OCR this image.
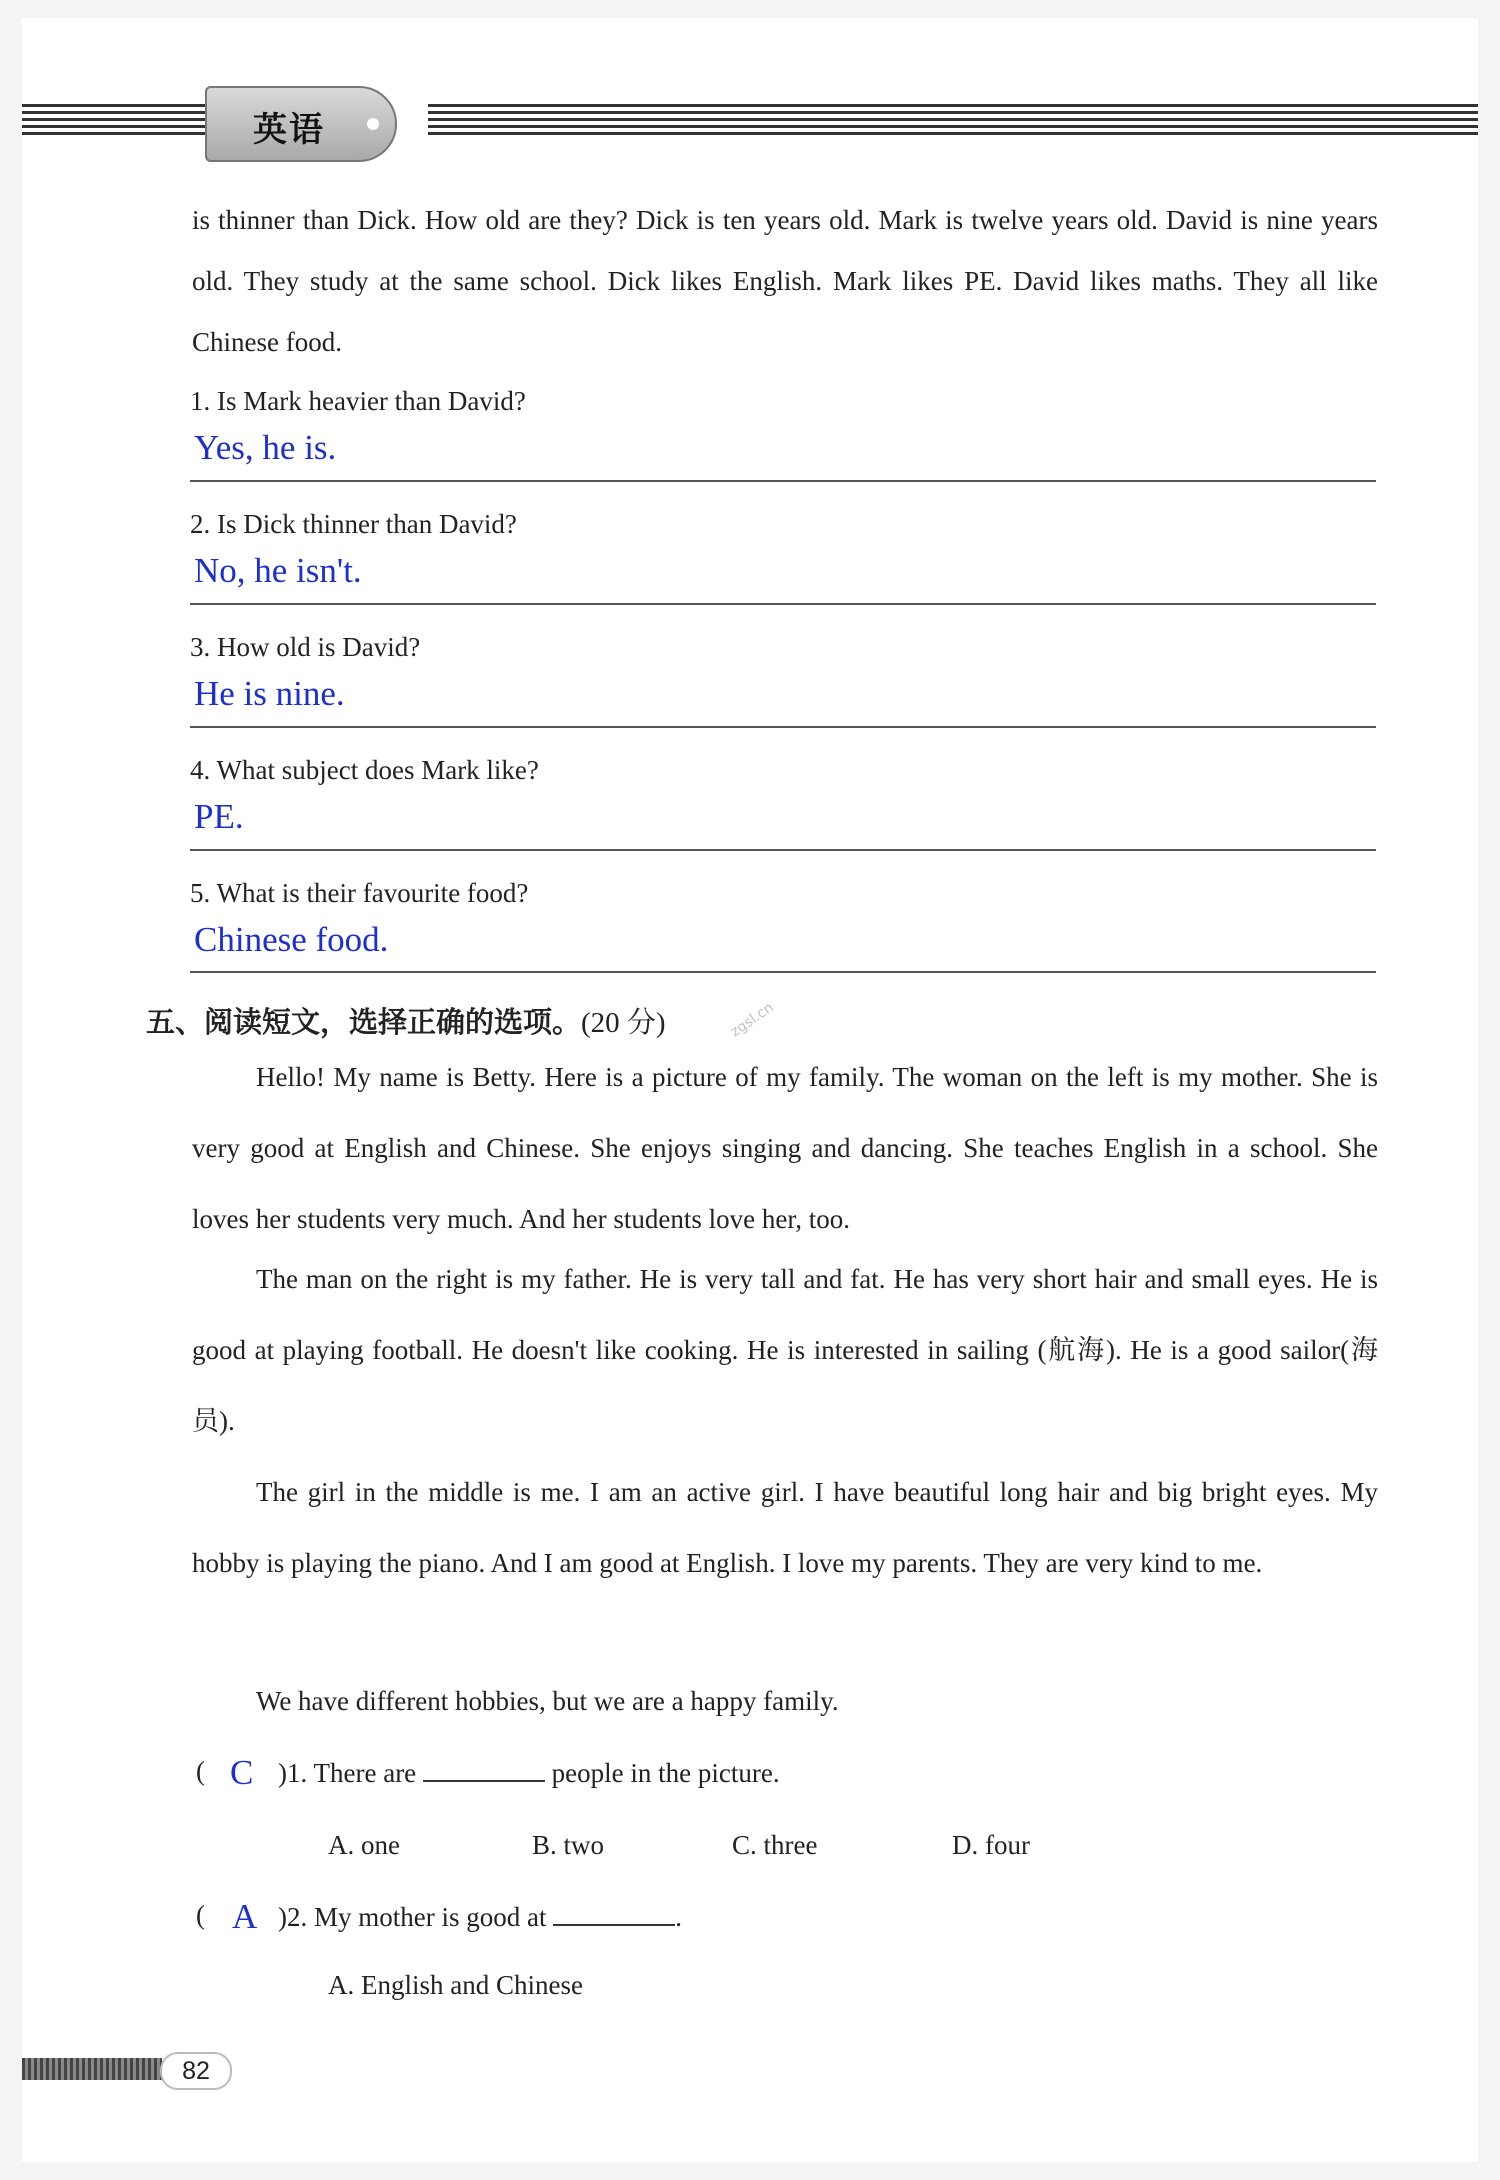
英语
is thinner than Dick. How old are they? Dick is ten years old. Mark is twelve years old. David is nine years old. They study at the same school. Dick likes English. Mark likes PE. David likes maths. They all like Chinese food.
1. Is Mark heavier than David?
Yes, he is.
2. Is Dick thinner than David?
No, he isn't.
3. How old is David?
He is nine.
4. What subject does Mark like?
PE.
5. What is their favourite food?
Chinese food.
五、阅读短文，选择正确的选项。(20 分)	zgsl.cn
Hello! My name is Betty. Here is a picture of my family. The woman on the left is my mother. She is very good at English and Chinese. She enjoys singing and dancing. She teaches English in a school. She loves her students very much. And her students love her, too.
The man on the right is my father. He is very tall and fat. He has very short hair and small eyes. He is good at playing football. He doesn't like cooking. He is interested in sailing (航海). He is a good sailor(海员).
The girl in the middle is me. I am an active girl. I have beautiful long hair and big bright eyes. My hobby is playing the piano. And I am good at English. I love my parents. They are very kind to me.
We have different hobbies, but we are a happy family.
( C )1. There are	people in the picture.
A. one	B. two	C. three	D. four
( A )2. My mother is good at	.
A. English and Chinese
82
